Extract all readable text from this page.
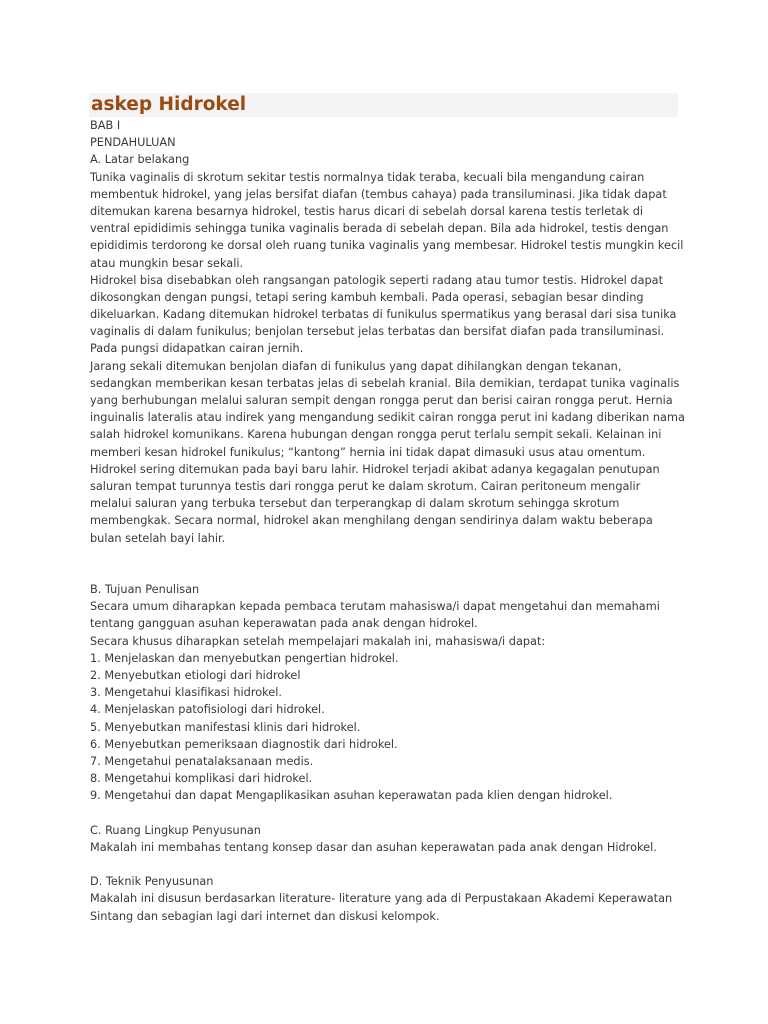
askep Hidrokel
BAB I
PENDAHULUAN
A. Latar belakang
Tunika vaginalis di skrotum sekitar testis normalnya tidak teraba, kecuali bila mengandung cairan
membentuk hidrokel, yang jelas bersifat diafan (tembus cahaya) pada transiluminasi. Jika tidak dapat
ditemukan karena besarnya hidrokel, testis harus dicari di sebelah dorsal karena testis terletak di
ventral epididimis sehingga tunika vaginalis berada di sebelah depan. Bila ada hidrokel, testis dengan
epididimis terdorong ke dorsal oleh ruang tunika vaginalis yang membesar. Hidrokel testis mungkin kecil
atau mungkin besar sekali.
Hidrokel bisa disebabkan oleh rangsangan patologik seperti radang atau tumor testis. Hidrokel dapat
dikosongkan dengan pungsi, tetapi sering kambuh kembali. Pada operasi, sebagian besar dinding
dikeluarkan. Kadang ditemukan hidrokel terbatas di funikulus spermatikus yang berasal dari sisa tunika
vaginalis di dalam funikulus; benjolan tersebut jelas terbatas dan bersifat diafan pada transiluminasi.
Pada pungsi didapatkan cairan jernih.
Jarang sekali ditemukan benjolan diafan di funikulus yang dapat dihilangkan dengan tekanan,
sedangkan memberikan kesan terbatas jelas di sebelah kranial. Bila demikian, terdapat tunika vaginalis
yang berhubungan melalui saluran sempit dengan rongga perut dan berisi cairan rongga perut. Hernia
inguinalis lateralis atau indirek yang mengandung sedikit cairan rongga perut ini kadang diberikan nama
salah hidrokel komunikans. Karena hubungan dengan rongga perut terlalu sempit sekali. Kelainan ini
memberi kesan hidrokel funikulus; “kantong” hernia ini tidak dapat dimasuki usus atau omentum.
Hidrokel sering ditemukan pada bayi baru lahir. Hidrokel terjadi akibat adanya kegagalan penutupan
saluran tempat turunnya testis dari rongga perut ke dalam skrotum. Cairan peritoneum mengalir
melalui saluran yang terbuka tersebut dan terperangkap di dalam skrotum sehingga skrotum
membengkak. Secara normal, hidrokel akan menghilang dengan sendirinya dalam waktu beberapa
bulan setelah bayi lahir.
B. Tujuan Penulisan
Secara umum diharapkan kepada pembaca terutam mahasiswa/i dapat mengetahui dan memahami
tentang gangguan asuhan keperawatan pada anak dengan hidrokel.
Secara khusus diharapkan setelah mempelajari makalah ini, mahasiswa/i dapat:
1. Menjelaskan dan menyebutkan pengertian hidrokel.
2. Menyebutkan etiologi dari hidrokel
3. Mengetahui klasifikasi hidrokel.
4. Menjelaskan patofisiologi dari hidrokel.
5. Menyebutkan manifestasi klinis dari hidrokel.
6. Menyebutkan pemeriksaan diagnostik dari hidrokel.
7. Mengetahui penatalaksanaan medis.
8. Mengetahui komplikasi dari hidrokel.
9. Mengetahui dan dapat Mengaplikasikan asuhan keperawatan pada klien dengan hidrokel.
C. Ruang Lingkup Penyusunan
Makalah ini membahas tentang konsep dasar dan asuhan keperawatan pada anak dengan Hidrokel.
D. Teknik Penyusunan
Makalah ini disusun berdasarkan literature- literature yang ada di Perpustakaan Akademi Keperawatan
Sintang dan sebagian lagi dari internet dan diskusi kelompok.
